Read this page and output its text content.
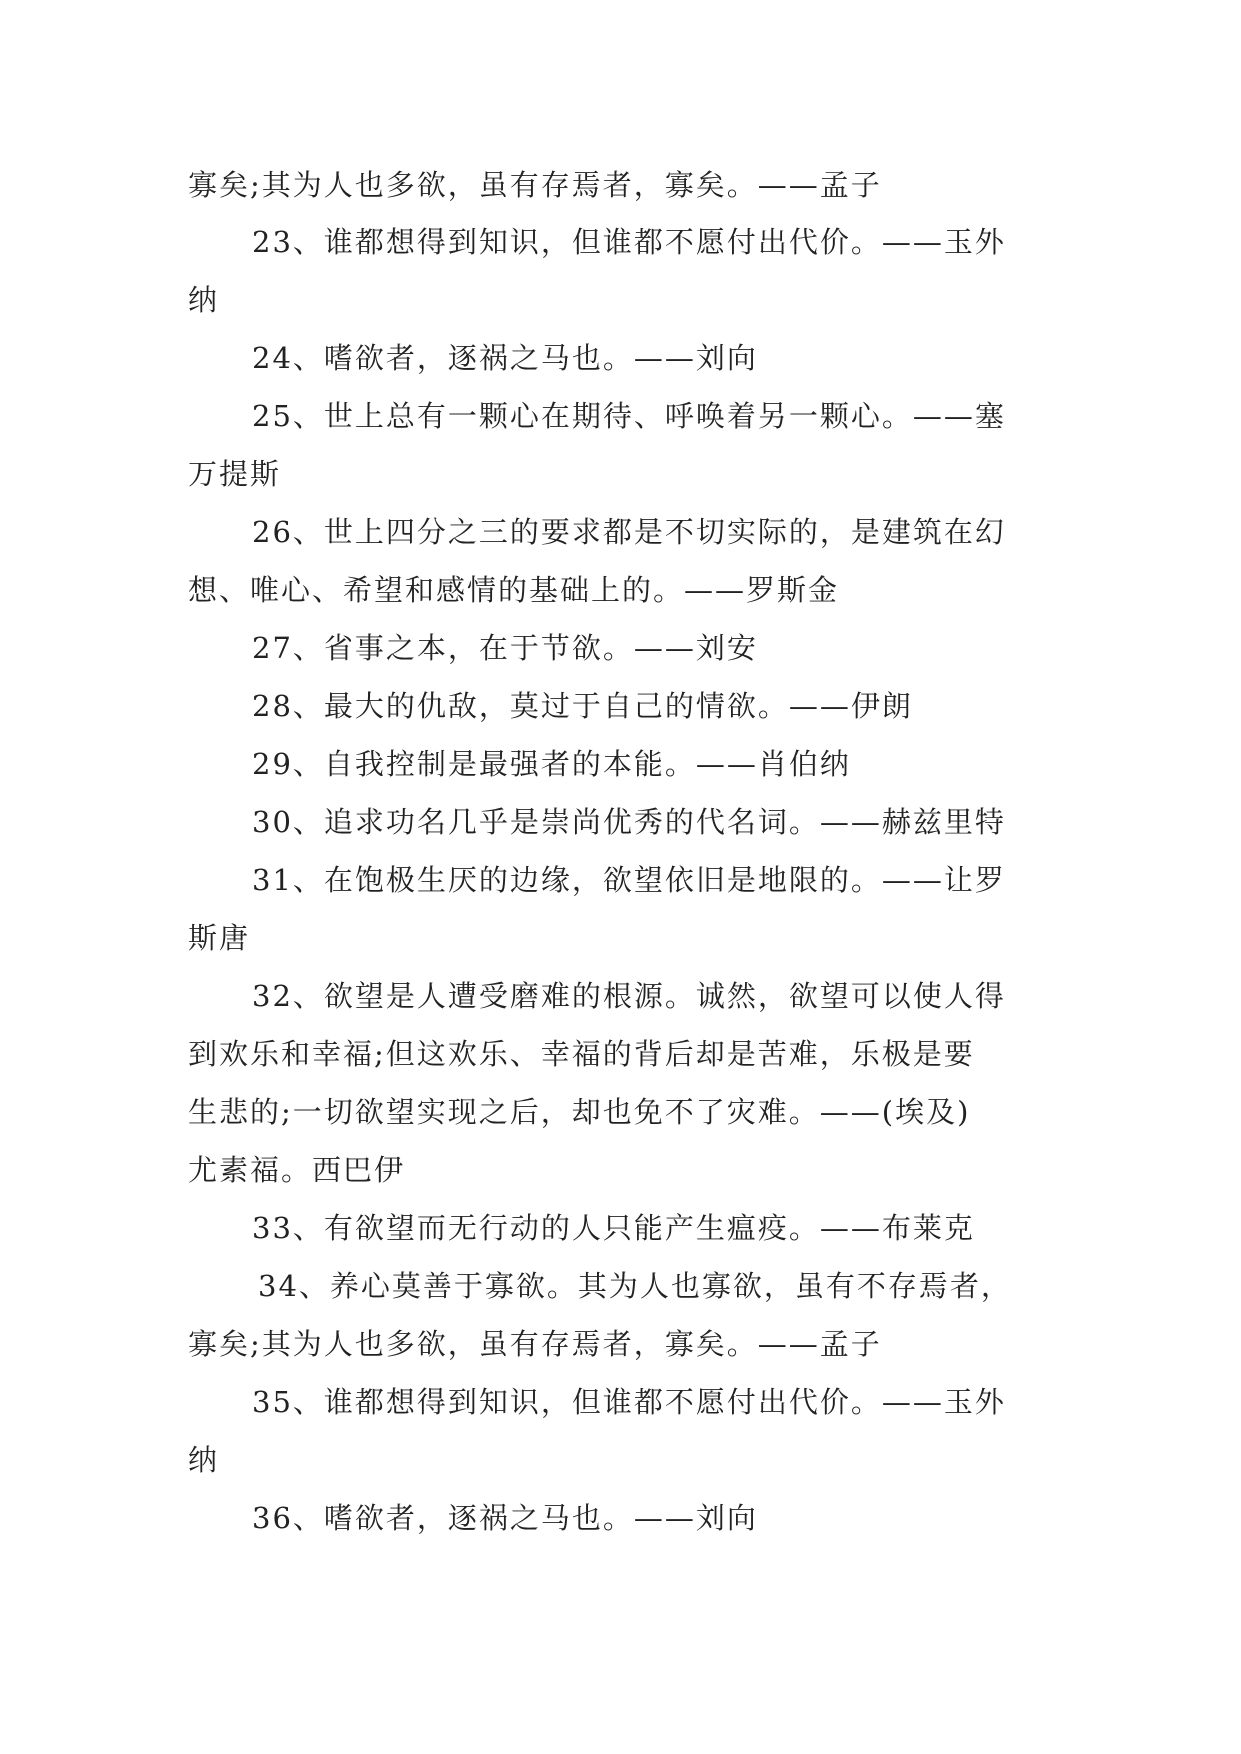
寡矣;其为人也多欲，虽有存焉者，寡矣。——孟子
23、谁都想得到知识，但谁都不愿付出代价。——玉外
纳
24、嗜欲者，逐祸之马也。——刘向
25、世上总有一颗心在期待、呼唤着另一颗心。——塞
万提斯
26、世上四分之三的要求都是不切实际的，是建筑在幻
想、唯心、希望和感情的基础上的。——罗斯金
27、省事之本，在于节欲。——刘安
28、最大的仇敌，莫过于自己的情欲。——伊朗
29、自我控制是最强者的本能。——肖伯纳
30、追求功名几乎是崇尚优秀的代名词。——赫兹里特
31、在饱极生厌的边缘，欲望依旧是地限的。——让罗
斯唐
32、欲望是人遭受磨难的根源。诚然，欲望可以使人得
到欢乐和幸福;但这欢乐、幸福的背后却是苦难，乐极是要
生悲的;一切欲望实现之后，却也免不了灾难。——(埃及)
尤素福。西巴伊
33、有欲望而无行动的人只能产生瘟疫。——布莱克
34、养心莫善于寡欲。其为人也寡欲，虽有不存焉者，
寡矣;其为人也多欲，虽有存焉者，寡矣。——孟子
35、谁都想得到知识，但谁都不愿付出代价。——玉外
纳
36、嗜欲者，逐祸之马也。——刘向
